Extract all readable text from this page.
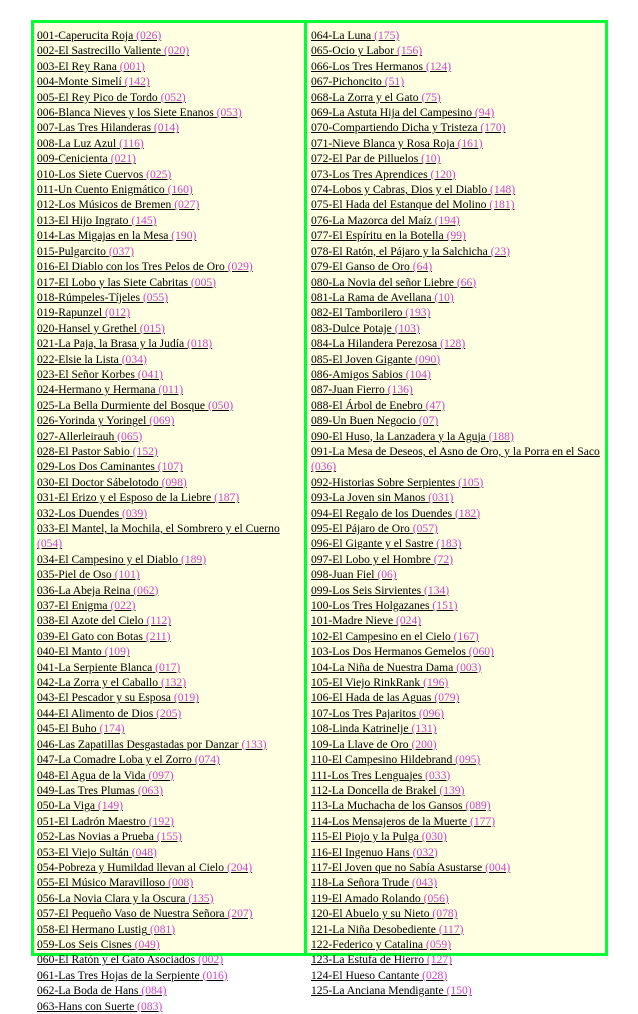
001-Caperucita Roja (026)
002-El Sastrecillo Valiente (020)
003-El Rey Rana (001)
004-Monte Simelí (142)
005-El Rey Pico de Tordo (052)
006-Blanca Nieves y los Siete Enanos (053)
007-Las Tres Hilanderas (014)
008-La Luz Azul (116)
009-Cenicienta (021)
010-Los Siete Cuervos (025)
011-Un Cuento Enigmático (160)
012-Los Músicos de Bremen (027)
013-El Hijo Ingrato (145)
014-Las Migajas en la Mesa (190)
015-Pulgarcito (037)
016-El Diablo con los Tres Pelos de Oro (029)
017-El Lobo y las Siete Cabritas (005)
018-Rúmpeles-Tíjeles (055)
019-Rapunzel (012)
020-Hansel y Grethel (015)
021-La Paja, la Brasa y la Judía (018)
022-Elsie la Lista (034)
023-El Señor Korbes (041)
024-Hermano y Hermana (011)
025-La Bella Durmiente del Bosque (050)
026-Yorinda y Yoringel (069)
027-Allerleirauh (065)
028-El Pastor Sabio (152)
029-Los Dos Caminantes (107)
030-El Doctor Sábelotodo (098)
031-El Erizo y el Esposo de la Liebre (187)
032-Los Duendes (039)
033-El Mantel, la Mochila, el Sombrero y el Cuerno (054)
034-El Campesino y el Diablo (189)
035-Piel de Oso (101)
036-La Abeja Reina (062)
037-El Enigma (022)
038-El Azote del Cielo (112)
039-El Gato con Botas (211)
040-El Manto (109)
041-La Serpiente Blanca (017)
042-La Zorra y el Caballo (132)
043-El Pescador y su Esposa (019)
044-El Alimento de Dios (205)
045-El Buho (174)
046-Las Zapatillas Desgastadas por Danzar (133)
047-La Comadre Loba y el Zorro (074)
048-El Agua de la Vida (097)
049-Las Tres Plumas (063)
050-La Viga (149)
051-El Ladrón Maestro (192)
052-Las Novias a Prueba (155)
053-El Viejo Sultán (048)
054-Pobreza y Humildad llevan al Cielo (204)
055-El Músico Maravilloso (008)
056-La Novia Clara y la Oscura (135)
057-El Pequeño Vaso de Nuestra Señora (207)
058-El Hermano Lustig (081)
059-Los Seis Cisnes (049)
060-El Ratón y el Gato Asociados (002)
061-Las Tres Hojas de la Serpiente (016)
062-La Boda de Hans (084)
063-Hans con Suerte (083)
064-La Luna (175)
065-Ocio y Labor (156)
066-Los Tres Hermanos (124)
067-Pichoncito (51)
068-La Zorra y el Gato (75)
069-La Astuta Hija del Campesino (94)
070-Compartiendo Dicha y Tristeza (170)
071-Nieve Blanca y Rosa Roja (161)
072-El Par de Pilluelos (10)
073-Los Tres Aprendices (120)
074-Lobos y Cabras, Dios y el Diablo (148)
075-El Hada del Estanque del Molino (181)
076-La Mazorca del Maíz (194)
077-El Espíritu en la Botella (99)
078-El Ratón, el Pájaro y la Salchicha (23)
079-El Ganso de Oro (64)
080-La Novia del señor Liebre (66)
081-La Rama de Avellana (10)
082-El Tamborilero (193)
083-Dulce Potaje (103)
084-La Hilandera Perezosa (128)
085-El Joven Gigante (090)
086-Amigos Sabios (104)
087-Juan Fierro (136)
088-El Árbol de Enebro (47)
089-Un Buen Negocio (07)
090-El Huso, la Lanzadera y la Aguja (188)
091-La Mesa de Deseos, el Asno de Oro, y la Porra en el Saco (036)
092-Historias Sobre Serpientes (105)
093-La Joven sin Manos (031)
094-El Regalo de los Duendes (182)
095-El Pájaro de Oro (057)
096-El Gigante y el Sastre (183)
097-El Lobo y el Hombre (72)
098-Juan Fiel (06)
099-Los Seis Sirvientes (134)
100-Los Tres Holgazanes (151)
101-Madre Nieve (024)
102-El Campesino en el Cielo (167)
103-Los Dos Hermanos Gemelos (060)
104-La Niña de Nuestra Dama (003)
105-El Viejo RinkRank (196)
106-El Hada de las Aguas (079)
107-Los Tres Pajaritos (096)
108-Linda Katrinelje (131)
109-La Llave de Oro (200)
110-El Campesino Hildebrand (095)
111-Los Tres Lenguajes (033)
112-La Doncella de Brakel (139)
113-La Muchacha de los Gansos (089)
114-Los Mensajeros de la Muerte (177)
115-El Piojo y la Pulga (030)
116-El Ingenuo Hans (032)
117-El Joven que no Sabía Asustarse (004)
118-La Señora Trude (043)
119-El Amado Rolando (056)
120-El Abuelo y su Nieto (078)
121-La Niña Desobediente (117)
122-Federico y Catalina (059)
123-La Estufa de Hierro (127)
124-El Hueso Cantante (028)
125-La Anciana Mendigante (150)
